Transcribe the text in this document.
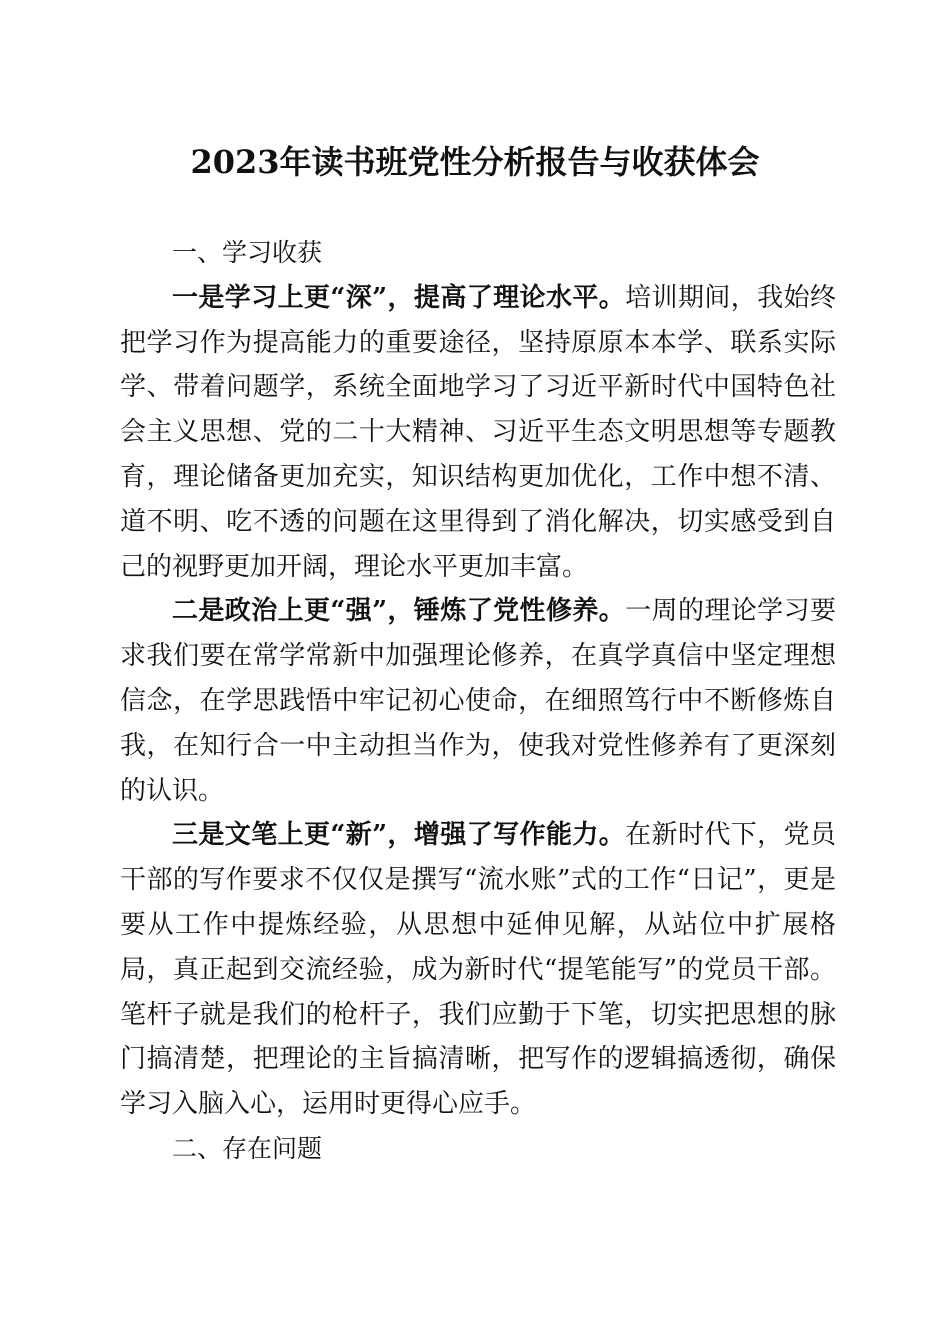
2023年读书班党性分析报告与收获体会
一、学习收获

一是学习上更“深”，提高了理论水平。培训期间，我始终把学习作为提高能力的重要途径，坚持原原本本学、联系实际学、带着问题学，系统全面地学习了习近平新时代中国特色社会主义思想、党的二十大精神、习近平生态文明思想等专题教育，理论储备更加充实，知识结构更加优化，工作中想不清、道不明、吃不透的问题在这里得到了消化解决，切实感受到自己的视野更加开阔，理论水平更加丰富。

二是政治上更“强”，锤炼了党性修养。一周的理论学习要求我们要在常学常新中加强理论修养，在真学真信中坚定理想信念，在学思践悟中牢记初心使命，在细照笃行中不断修炼自我，在知行合一中主动担当作为，使我对党性修养有了更深刻的认识。

三是文笔上更“新”，增强了写作能力。在新时代下，党员干部的写作要求不仅仅是撰写“流水账”式的工作“日记”，更是要从工作中提炼经验，从思想中延伸见解，从站位中扩展格局，真正起到交流经验，成为新时代“提笔能写”的党员干部。笔杆子就是我们的枪杆子，我们应勤于下笔，切实把思想的脉门搞清楚，把理论的主旨搞清晰，把写作的逻辑搞透彻，确保学习入脑入心，运用时更得心应手。

二、存在问题
